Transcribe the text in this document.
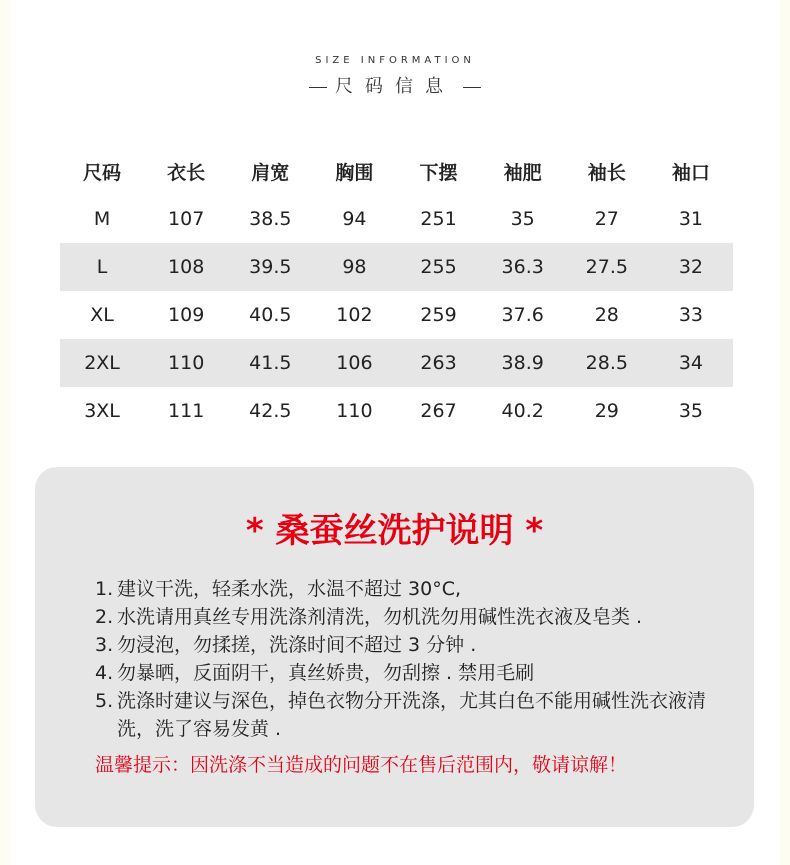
SIZE INFORMATION
尺码信息
尺码	衣长	肩宽	胸围	下摆	袖肥	袖长	袖口
M	107	38.5	94	251	35	27	31
L	108	39.5	98	255	36.3	27.5	32
XL	109	40.5	102	259	37.6	28	33
2XL	110	41.5	106	263	38.9	28.5	34
3XL	111	42.5	110	267	40.2	29	35
* 桑蚕丝洗护说明 *
1. 建议干洗，轻柔水洗，水温不超过 30°C,
2. 水洗请用真丝专用洗涤剂清洗，勿机洗勿用碱性洗衣液及皂类 .
3. 勿浸泡，勿揉搓，洗涤时间不超过 3 分钟 .
4. 勿暴晒，反面阴干，真丝娇贵，勿刮擦 . 禁用毛刷
5. 洗涤时建议与深色，掉色衣物分开洗涤，尤其白色不能用碱性洗衣液清洗，洗了容易发黄 .
温馨提示：因洗涤不当造成的问题不在售后范围内，敬请谅解！
